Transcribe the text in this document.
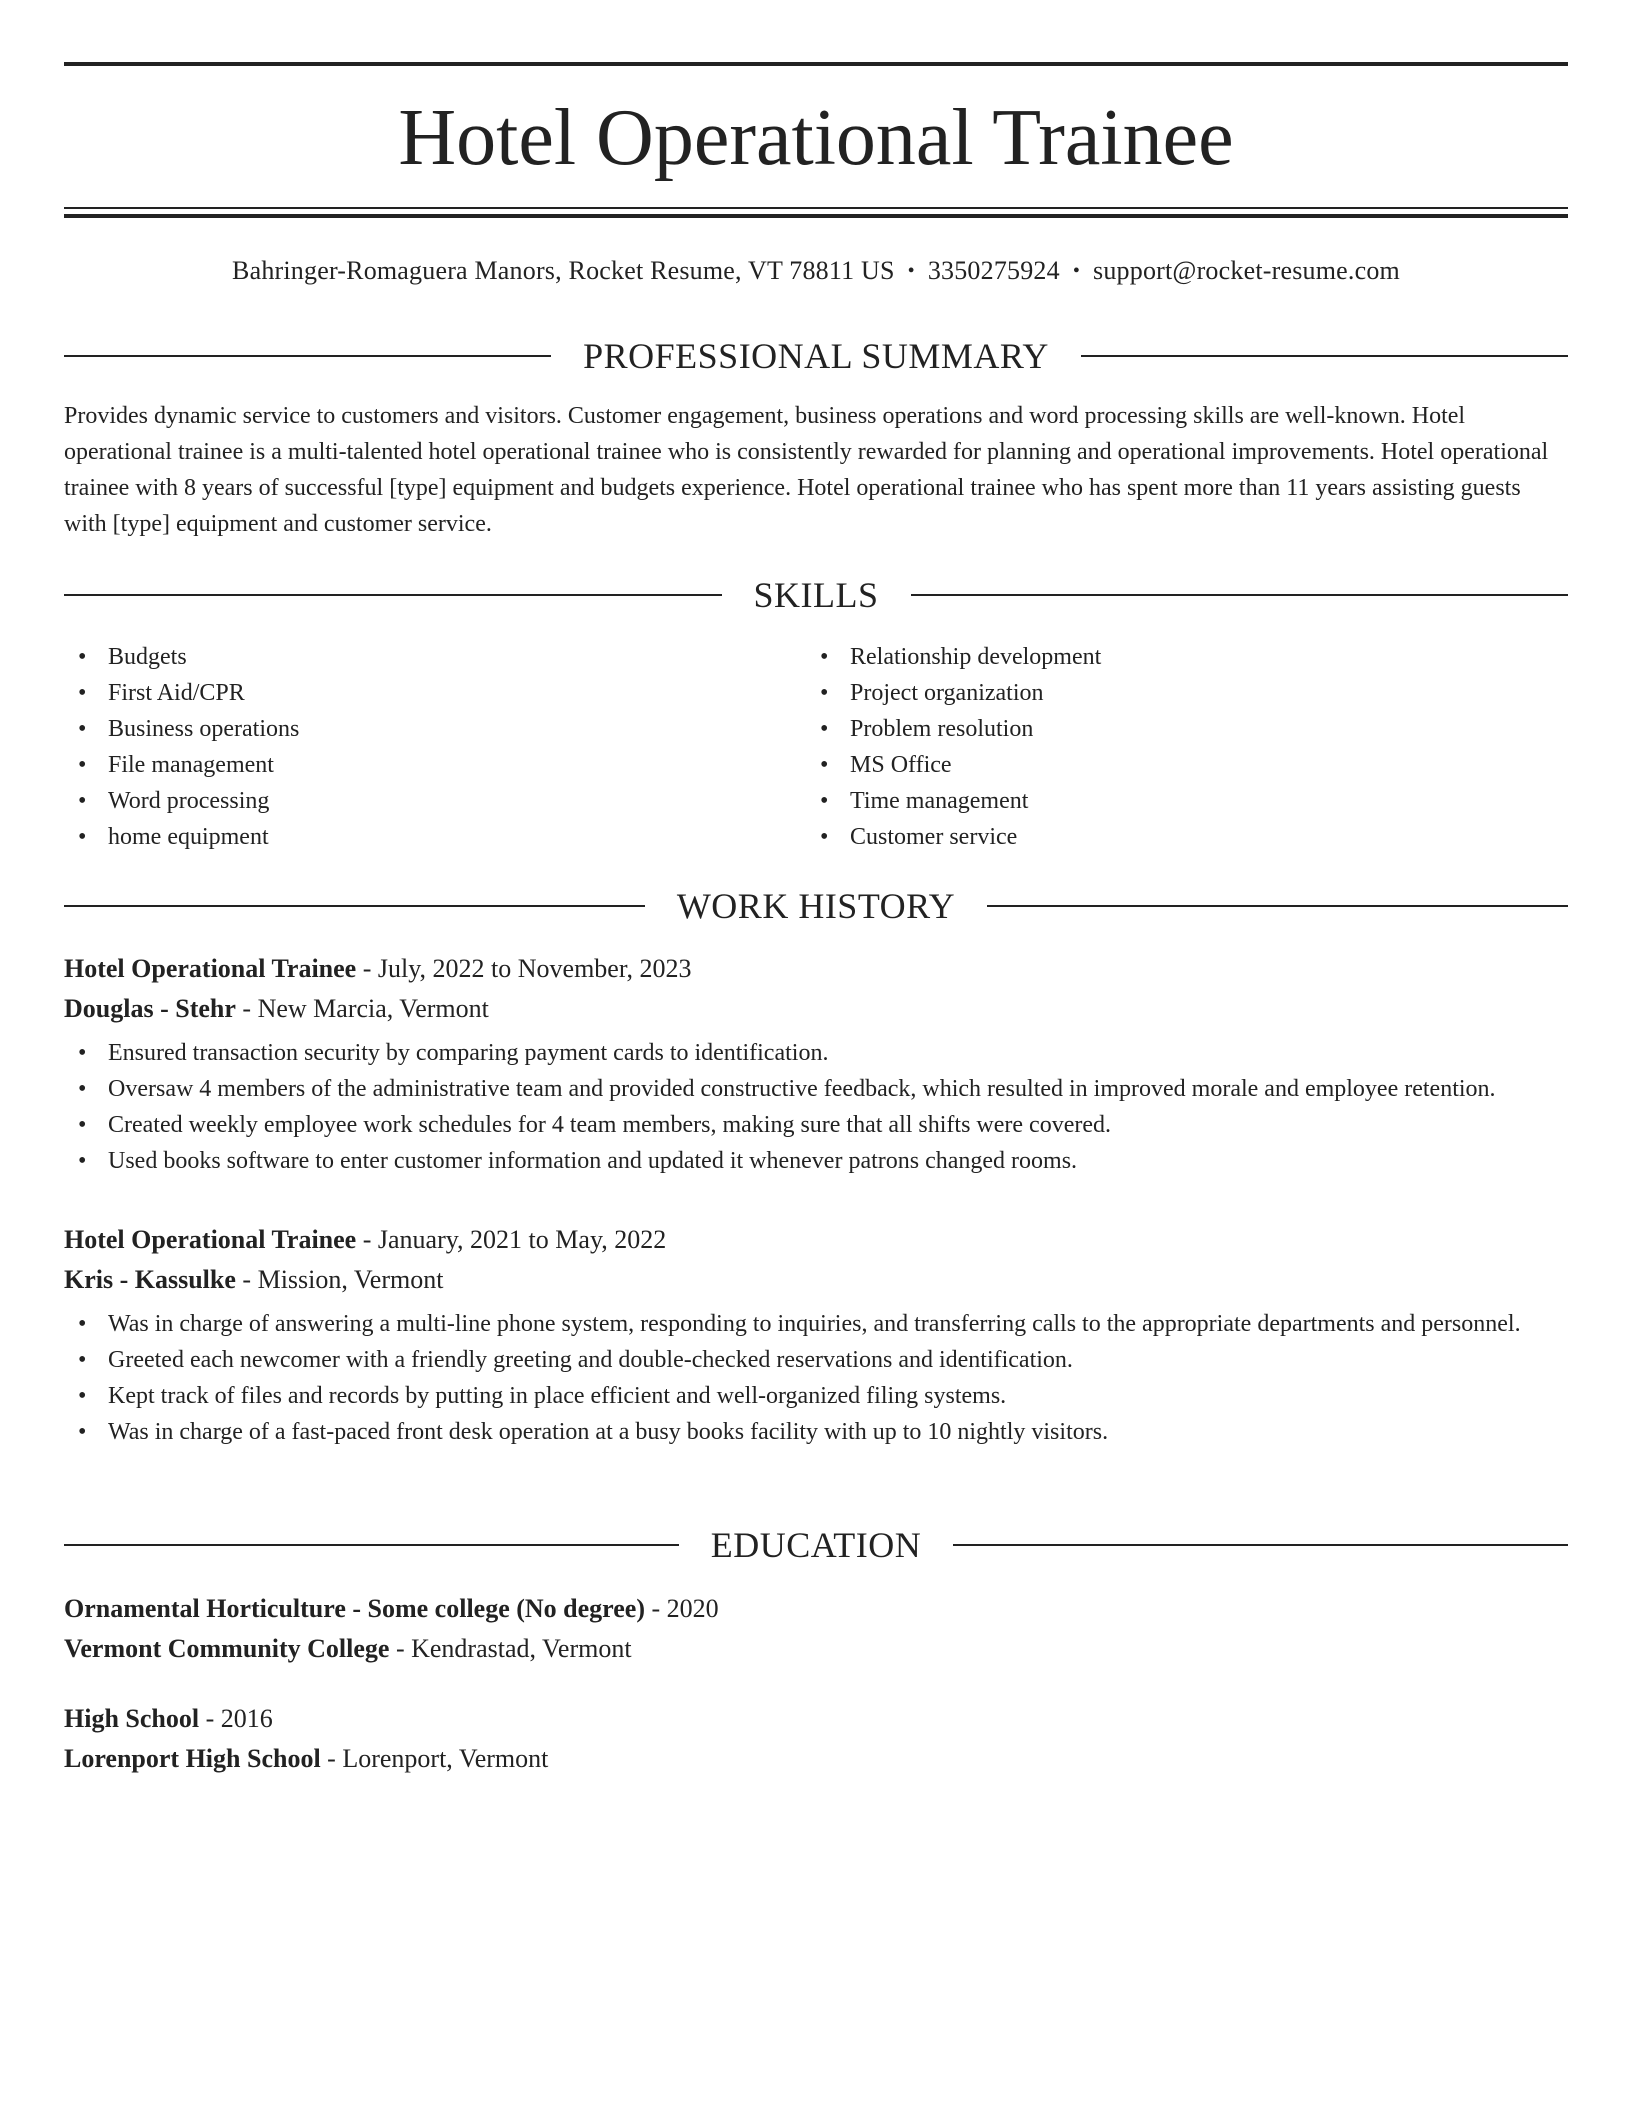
Hotel Operational Trainee
Bahringer-Romaguera Manors, Rocket Resume, VT 78811 US • 3350275924 • support@rocket-resume.com
PROFESSIONAL SUMMARY

Provides dynamic service to customers and visitors. Customer engagement, business operations and word processing skills are well-known. Hotel operational trainee is a multi-talented hotel operational trainee who is consistently rewarded for planning and operational improvements. Hotel operational trainee with 8 years of successful [type] equipment and budgets experience. Hotel operational trainee who has spent more than 11 years assisting guests with [type] equipment and customer service.

SKILLS
• Budgets
• First Aid/CPR
• Business operations
• File management
• Word processing
• home equipment
• Relationship development
• Project organization
• Problem resolution
• MS Office
• Time management
• Customer service
WORK HISTORY
Hotel Operational Trainee - July, 2022 to November, 2023
Douglas - Stehr - New Marcia, Vermont
• Ensured transaction security by comparing payment cards to identification.
• Oversaw 4 members of the administrative team and provided constructive feedback, which resulted in improved morale and employee retention.
• Created weekly employee work schedules for 4 team members, making sure that all shifts were covered.
• Used books software to enter customer information and updated it whenever patrons changed rooms.
Hotel Operational Trainee - January, 2021 to May, 2022
Kris - Kassulke - Mission, Vermont
• Was in charge of answering a multi-line phone system, responding to inquiries, and transferring calls to the appropriate departments and personnel.
• Greeted each newcomer with a friendly greeting and double-checked reservations and identification.
• Kept track of files and records by putting in place efficient and well-organized filing systems.
• Was in charge of a fast-paced front desk operation at a busy books facility with up to 10 nightly visitors.
EDUCATION
Ornamental Horticulture - Some college (No degree) - 2020
Vermont Community College - Kendrastad, Vermont
High School - 2016
Lorenport High School - Lorenport, Vermont
